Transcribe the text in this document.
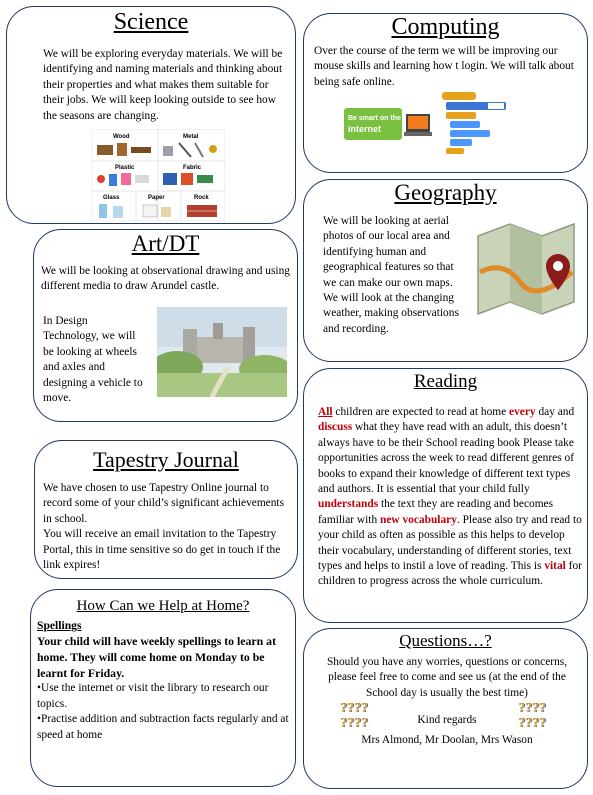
Science
We will be exploring everyday materials. We will be identifying and naming materials and thinking about their properties and what makes them suitable for their jobs. We will keep looking outside to see how the seasons are changing.
Wood	Metal
Plastic	Fabric
Glass	Paper	Rock
Computing
Over the course of the term we will be improving our mouse skills and learning how t login. We will talk about being safe online.
Be smart on the
internet
Art/DT
We will be looking at observational drawing and using different media to draw Arundel castle.
In Design Technology, we will be looking at wheels and axles and designing a vehicle to move.
Geography
We will be looking at aerial photos of our local area and identifying human and geographical features so that we can make our own maps. We will look at the changing weather, making observations and recording.
Tapestry Journal
We have chosen to use Tapestry Online journal to record some of your child’s significant achievements in school.
You will receive an email invitation to the Tapestry Portal, this in time sensitive so do get in touch if the link expires!
Reading
All children are expected to read at home every day and discuss what they have read with an adult, this doesn’t always have to be their School reading book Please take opportunities across the week to read different genres of books to expand their knowledge of different text types and authors. It is essential that your child fully understands the text they are reading and becomes familiar with new vocabulary. Please also try and read to your child as often as possible as this helps to develop their vocabulary, understanding of different stories, text types and helps to instil a love of reading. This is vital for children to progress across the whole curriculum.
How Can we Help at Home?
Spellings
Your child will have weekly spellings to learn at home. They will come home on Monday to be learnt for Friday.
•Use the internet or visit the library to research our topics.
•Practise addition and subtraction facts regularly and at speed at home
Questions…?
Should you have any worries, questions or concerns, please feel free to come and see us (at the end of the School day is usually the best time)
????
????	Kind regards
????
????
Mrs Almond, Mr Doolan, Mrs Wason
